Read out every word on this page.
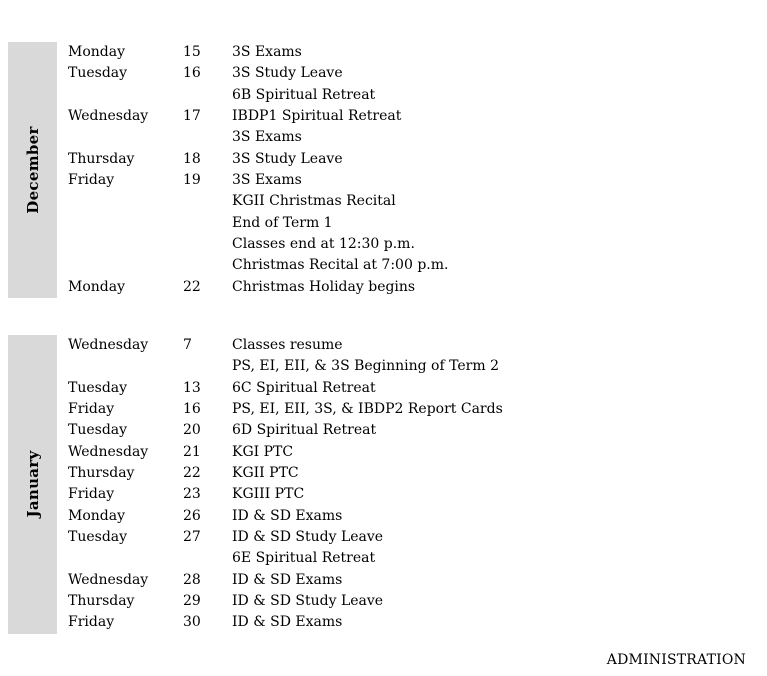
December
Monday	15	3S Exams
Tuesday	16	3S Study Leave
6B Spiritual Retreat
Wednesday	17	IBDP1 Spiritual Retreat
3S Exams
Thursday	18	3S Study Leave
Friday	19	3S Exams
KGII Christmas Recital
End of Term 1
Classes end at 12:30 p.m.
Christmas Recital at 7:00 p.m.
Monday	22	Christmas Holiday begins
January
Wednesday	7	Classes resume
PS, EI, EII, & 3S Beginning of Term 2
Tuesday	13	6C Spiritual Retreat
Friday	16	PS, EI, EII, 3S, & IBDP2 Report Cards
Tuesday	20	6D Spiritual Retreat
Wednesday	21	KGI PTC
Thursday	22	KGII PTC
Friday	23	KGIII PTC
Monday	26	ID & SD Exams
Tuesday	27	ID & SD Study Leave
6E Spiritual Retreat
Wednesday	28	ID & SD Exams
Thursday	29	ID & SD Study Leave
Friday	30	ID & SD Exams
ADMINISTRATION
